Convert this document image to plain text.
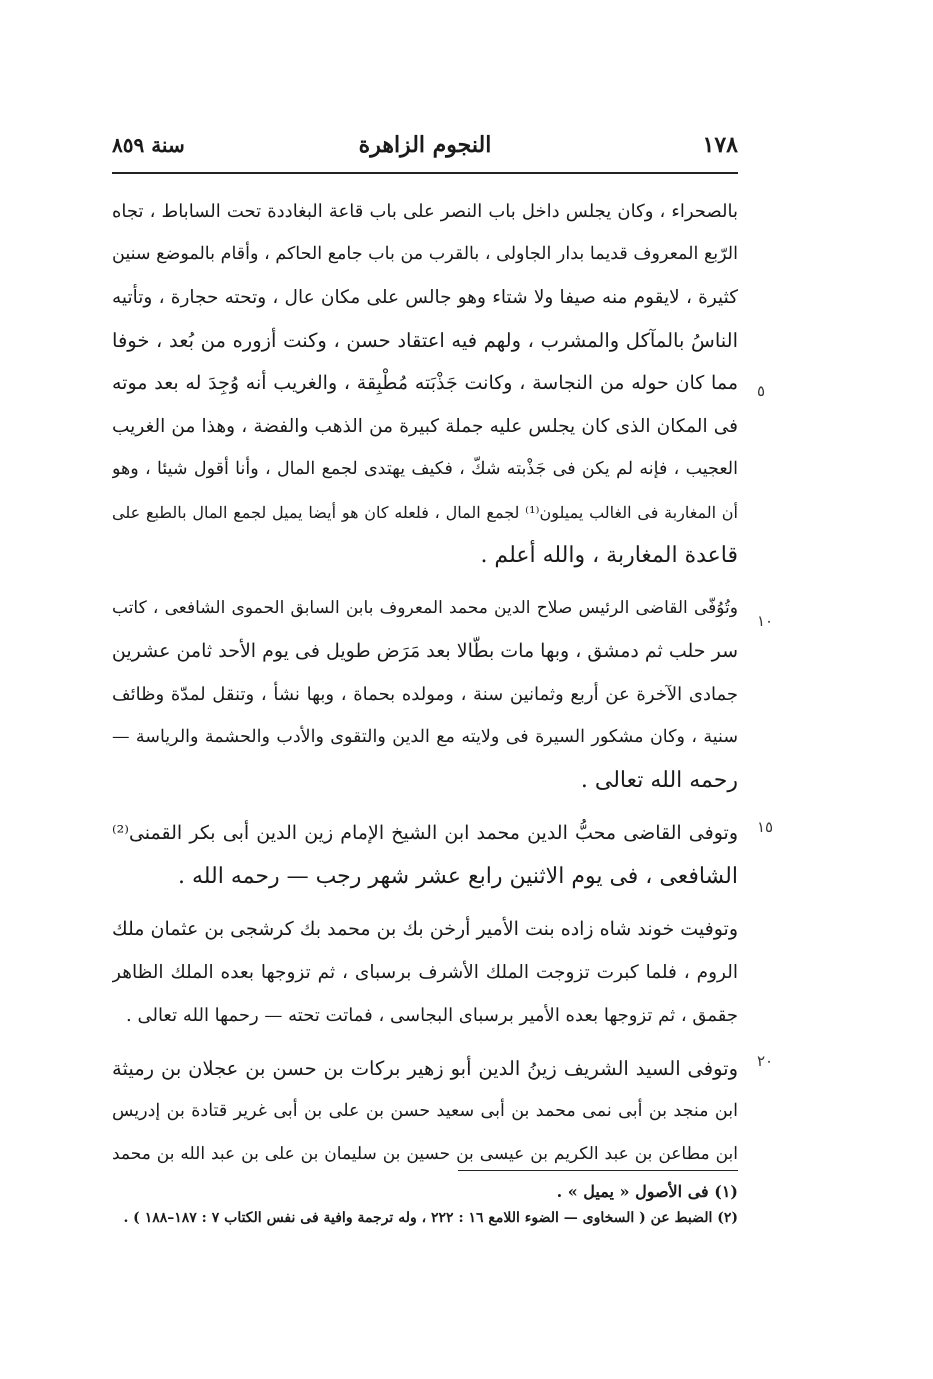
١٧٨
النجوم الزاهرة
سنة ٨٥٩
بالصحراء ، وكان يجلس داخل باب النصر على باب قاعة البغاددة تحت الساباط ، تجاه
الرّبع المعروف قديما بدار الجاولى ، بالقرب من باب جامع الحاكم ، وأقام بالموضع سنين
كثيرة ، لايقوم منه صيفا ولا شتاء وهو جالس على مكان عال ، وتحته حجارة ، وتأتيه
الناسُ بالمآكل والمشرب ، ولهم فيه اعتقاد حسن ، وكنت أزوره من بُعد ، خوفا
مما كان حوله من النجاسة ، وكانت جَذْبَته مُطْبِقة ، والغريب أنه وُجِدَ له بعد موته
فى المكان الذى كان يجلس عليه جملة كبيرة من الذهب والفضة ، وهذا من الغريب
العجيب ، فإنه لم يكن فى جَذْبته شكّ ، فكيف يهتدى لجمع المال ، وأنا أقول شيئا ، وهو
أن المغاربة فى الغالب يميلون⁽¹⁾ لجمع المال ، فلعله كان هو أيضا يميل لجمع المال بالطبع على
قاعدة المغاربة ، والله أعلم .
وتُوُفّى القاضى الرئيس صلاح الدين محمد المعروف بابن السابق الحموى الشافعى ، كاتب
سر حلب ثم دمشق ، وبها مات بطّالا بعد مَرَض طويل فى يوم الأحد ثامن عشرين
جمادى الآخرة عن أربع وثمانين سنة ، ومولده بحماة ، وبها نشأ ، وتنقل لمدّة وظائف
سنية ، وكان مشكور السيرة فى ولايته مع الدين والتقوى والأدب والحشمة والرياسة —
رحمه الله تعالى .
وتوفى القاضى محبُّ الدين محمد ابن الشيخ الإمام زين الدين أبى بكر القمنى⁽²⁾
الشافعى ، فى يوم الاثنين رابع عشر شهر رجب — رحمه الله .
وتوفيت خوند شاه زاده بنت الأمير أرخن بك بن محمد بك كرشجى بن عثمان ملك
الروم ، فلما كبرت تزوجت الملك الأشرف برسباى ، ثم تزوجها بعده الملك الظاهر
جقمق ، ثم تزوجها بعده الأمير برسباى البجاسى ، فماتت تحته — رحمها الله تعالى .
وتوفى السيد الشريف زينُ الدين أبو زهير بركات بن حسن بن عجلان بن رميثة
ابن منجد بن أبى نمى محمد بن أبى سعيد حسن بن على بن أبى غرير قتادة بن إدريس
ابن مطاعن بن عبد الكريم بن عيسى بن حسين بن سليمان بن على بن عبد الله بن محمد
٥
١٠
١٥
٢٠
(١) فى الأصول « يميل » .
(٢) الضبط عن ( السخاوى — الضوء اللامع ١٦ : ٢٢٢ ، وله ترجمة وافية فى نفس الكتاب ٧ : ١٨٧–١٨٨ ) .
